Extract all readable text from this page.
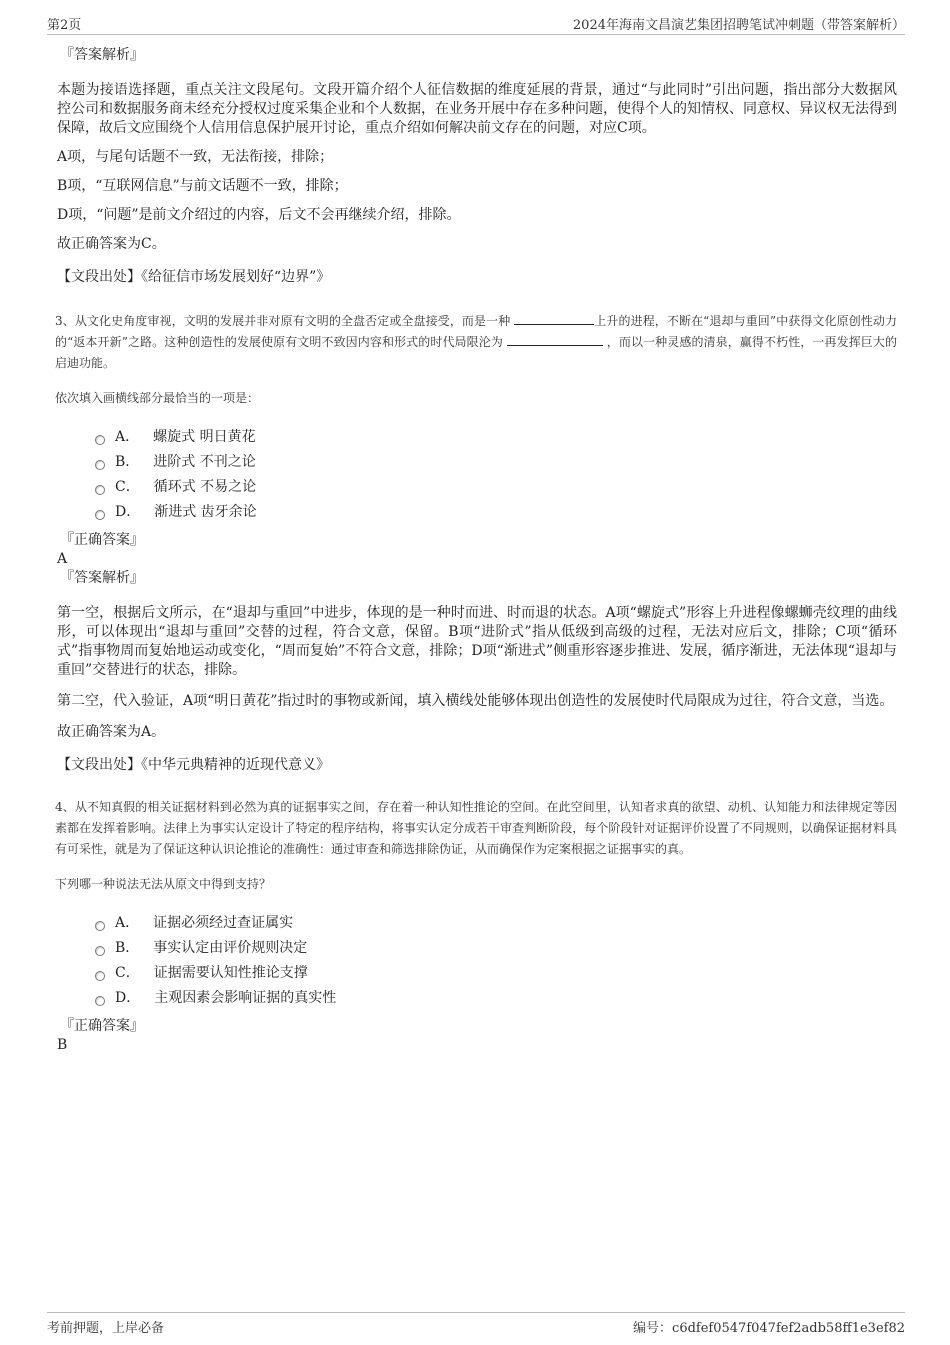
第2页	2024年海南文昌演艺集团招聘笔试冲刺题（带答案解析）
『答案解析』

本题为接语选择题，重点关注文段尾句。文段开篇介绍个人征信数据的维度延展的背景，通过“与此同时”引出问题，指出部分大数据风控公司和数据服务商未经充分授权过度采集企业和个人数据，在业务开展中存在多种问题，使得个人的知情权、同意权、异议权无法得到保障，故后文应围绕个人信用信息保护展开讨论，重点介绍如何解决前文存在的问题，对应C项。

A项，与尾句话题不一致，无法衔接，排除；

B项，“互联网信息”与前文话题不一致，排除；

D项，“问题”是前文介绍过的内容，后文不会再继续介绍，排除。

故正确答案为C。

【文段出处】《给征信市场发展划好“边界”》

3、从文化史角度审视，文明的发展并非对原有文明的全盘否定或全盘接受，而是一种	上升的进程，不断在“退却与重回”中获得文化原创性动力的“返本开新”之路。这种创造性的发展使原有文明不致因内容和形式的时代局限沦为	，而以一种灵感的清泉，赢得不朽性，一再发挥巨大的启迪功能。
依次填入画横线部分最恰当的一项是：
A． 螺旋式 明日黄花
B． 进阶式 不刊之论
C． 循环式 不易之论
D． 渐进式 齿牙余论
『正确答案』
A
『答案解析』

第一空，根据后文所示，在“退却与重回”中进步，体现的是一种时而进、时而退的状态。A项“螺旋式”形容上升进程像螺蛳壳纹理的曲线形，可以体现出“退却与重回”交替的过程，符合文意，保留。B项“进阶式”指从低级到高级的过程，无法对应后文，排除；C项“循环式”指事物周而复始地运动或变化，“周而复始”不符合文意，排除；D项“渐进式”侧重形容逐步推进、发展，循序渐进，无法体现“退却与重回”交替进行的状态，排除。

第二空，代入验证，A项“明日黄花”指过时的事物或新闻，填入横线处能够体现出创造性的发展使时代局限成为过往，符合文意，当选。

故正确答案为A。

【文段出处】《中华元典精神的近现代意义》

4、从不知真假的相关证据材料到必然为真的证据事实之间，存在着一种认知性推论的空间。在此空间里，认知者求真的欲望、动机、认知能力和法律规定等因素都在发挥着影响。法律上为事实认定设计了特定的程序结构，将事实认定分成若干审查判断阶段，每个阶段针对证据评价设置了不同规则，以确保证据材料具有可采性，就是为了保证这种认识论推论的准确性：通过审查和筛选排除伪证，从而确保作为定案根据之证据事实的真。
下列哪一种说法无法从原文中得到支持？
A． 证据必须经过查证属实
B． 事实认定由评价规则决定
C． 证据需要认知性推论支撑
D． 主观因素会影响证据的真实性
『正确答案』
B
考前押题，上岸必备	编号：c6dfef0547f047fef2adb58ff1e3ef82
